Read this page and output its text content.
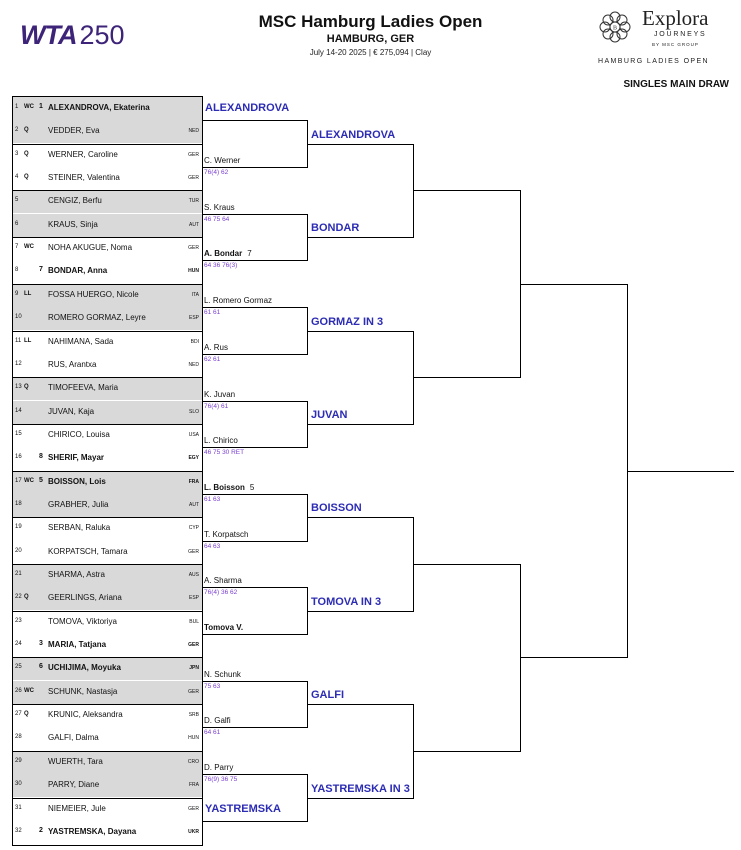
WTA 250	MSC Hamburg Ladies Open
HAMBURG, GER
July 14-20 2025 | € 275,094 | Clay
B Explora
JOURNEYS
BY MSC GROUP
HAMBURG LADIES OPEN
SINGLES MAIN DRAW
1 WC 1 ALEXANDROVA, Ekaterina
2 Q VEDDER, Eva	NED
3 Q WERNER, Caroline	GER
4 Q STEINER, Valentina	GER
5	CENGIZ, Berfu	TUR
6	KRAUS, Sinja	AUT
7 WC NOHA AKUGUE, Noma	GER
8	7 BONDAR, Anna	HUN
9 LL FOSSA HUERGO, Nicole	ITA
10	ROMERO GORMAZ, Leyre	ESP
11 LL NAHIMANA, Sada	BDI
12	RUS, Arantxa	NED
13 Q TIMOFEEVA, Maria
14	JUVAN, Kaja	SLO
15	CHIRICO, Louisa	USA
16 8 SHERIF, Mayar	EGY
17 WC 5 BOISSON, Lois	FRA
18	GRABHER, Julia	AUT
19	SERBAN, Raluka	CYP
20	KORPATSCH, Tamara	GER
21	SHARMA, Astra	AUS
22 Q GEERLINGS, Ariana	ESP
23	TOMOVA, Viktoriya	BUL
24 3 MARIA, Tatjana	GER
25 6 UCHIJIMA, Moyuka	JPN
26 WC SCHUNK, Nastasja	GER
27 Q KRUNIC, Aleksandra	SRB
28	GALFI, Dalma	HUN
29	WUERTH, Tara	CRO
30	PARRY, Diane	FRA
31	NIEMEIER, Jule	GER
32 2 YASTREMSKA, Dayana	UKR
ALEXANDROVA
C. Werner
76(4) 62
S. Kraus
46 75 64
A. Bondar 7
64 36 76(3)
L. Romero Gormaz
61 61
A. Rus
62 61
K. Juvan
76(4) 61
L. Chirico
46 75 30 RET
L. Boisson 5
61 63
T. Korpatsch
64 63
A. Sharma
76(4) 36 62
Tomova V.
N. Schunk
75 63
D. Galfi
64 61
D. Parry
76(9) 36 75
YASTREMSKA
ALEXANDROVA
BONDAR
GORMAZ IN 3
JUVAN
BOISSON
TOMOVA IN 3
GALFI
YASTREMSKA IN 3
